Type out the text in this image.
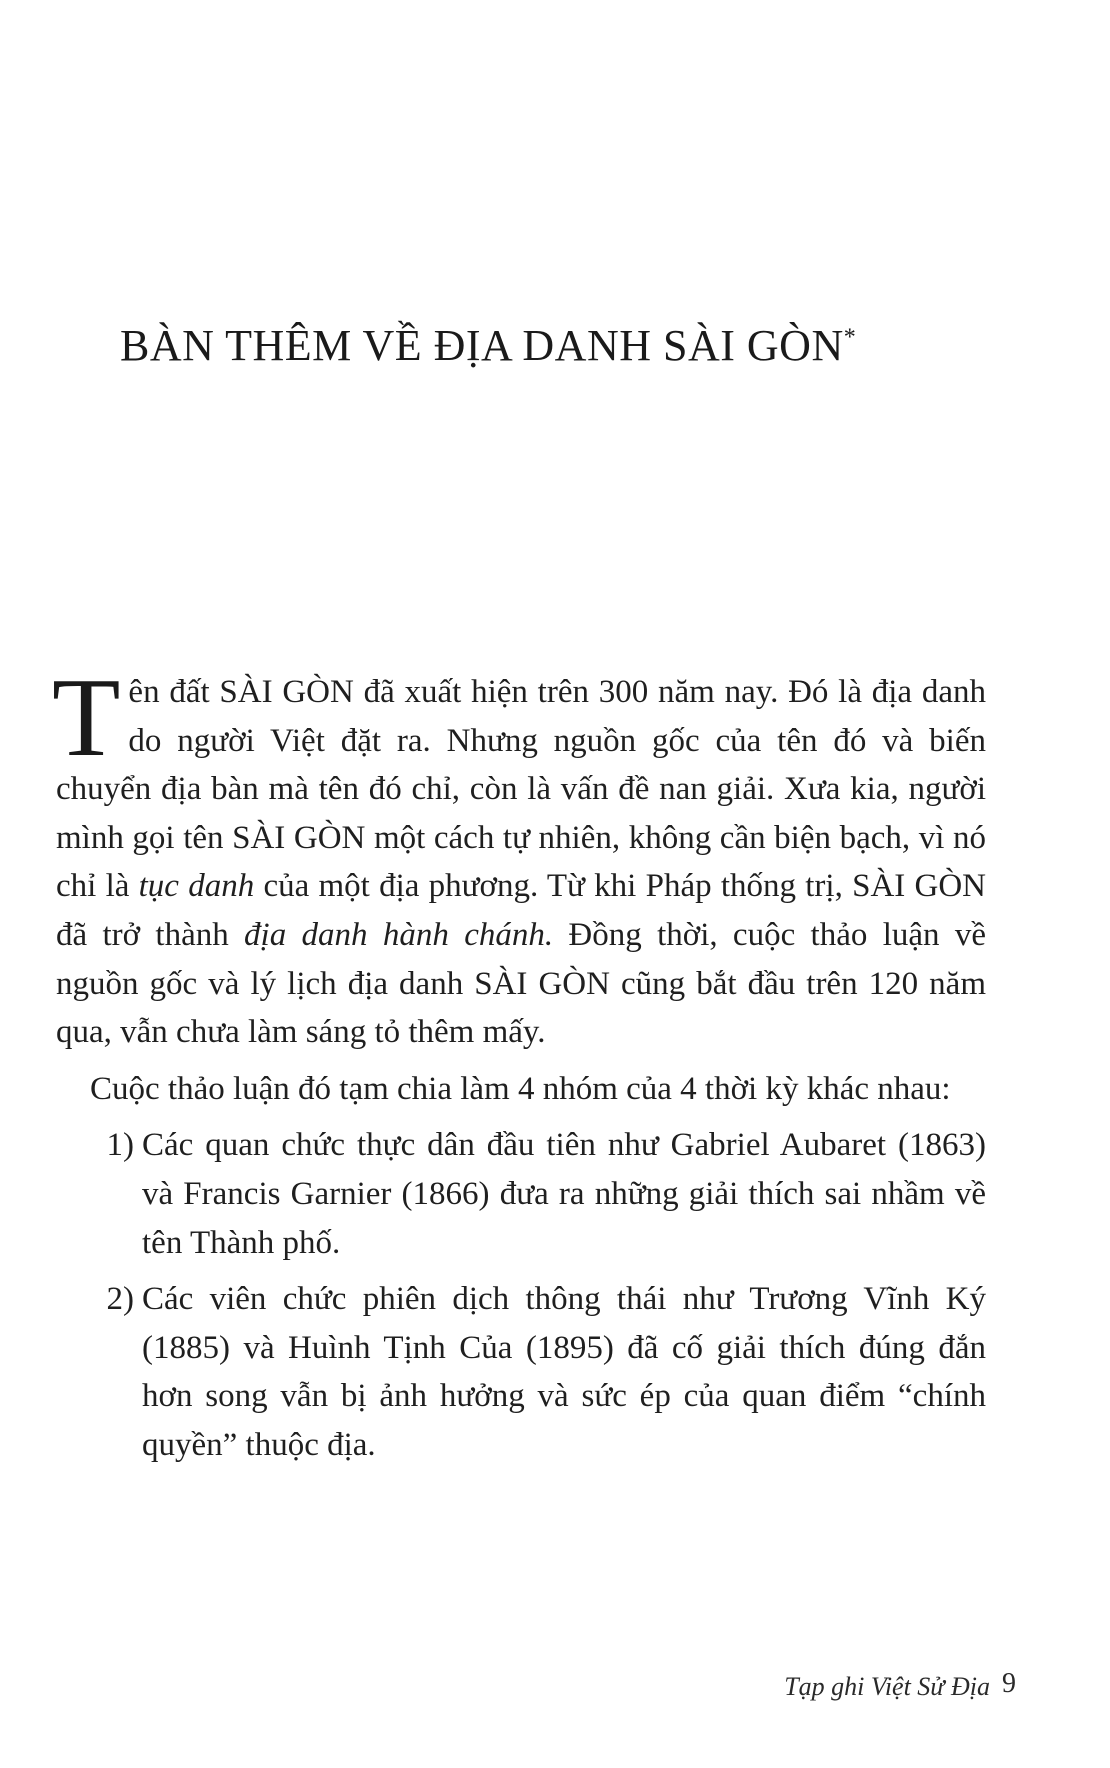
BÀN THÊM VỀ ĐỊA DANH SÀI GÒN*

Tên đất SÀI GÒN đã xuất hiện trên 300 năm nay. Đó là địa danh do người Việt đặt ra. Nhưng nguồn gốc của tên đó và biến chuyển địa bàn mà tên đó chỉ, còn là vấn đề nan giải. Xưa kia, người mình gọi tên SÀI GÒN một cách tự nhiên, không cần biện bạch, vì nó chỉ là tục danh của một địa phương. Từ khi Pháp thống trị, SÀI GÒN đã trở thành địa danh hành chánh. Đồng thời, cuộc thảo luận về nguồn gốc và lý lịch địa danh SÀI GÒN cũng bắt đầu trên 120 năm qua, vẫn chưa làm sáng tỏ thêm mấy.

Cuộc thảo luận đó tạm chia làm 4 nhóm của 4 thời kỳ khác nhau:

1) Các quan chức thực dân đầu tiên như Gabriel Aubaret (1863) và Francis Garnier (1866) đưa ra những giải thích sai nhầm về tên Thành phố.
2) Các viên chức phiên dịch thông thái như Trương Vĩnh Ký (1885) và Huình Tịnh Của (1895) đã cố giải thích đúng đắn hơn song vẫn bị ảnh hưởng và sức ép của quan điểm “chính quyền” thuộc địa.
Tạp ghi Việt Sử Địa 9
